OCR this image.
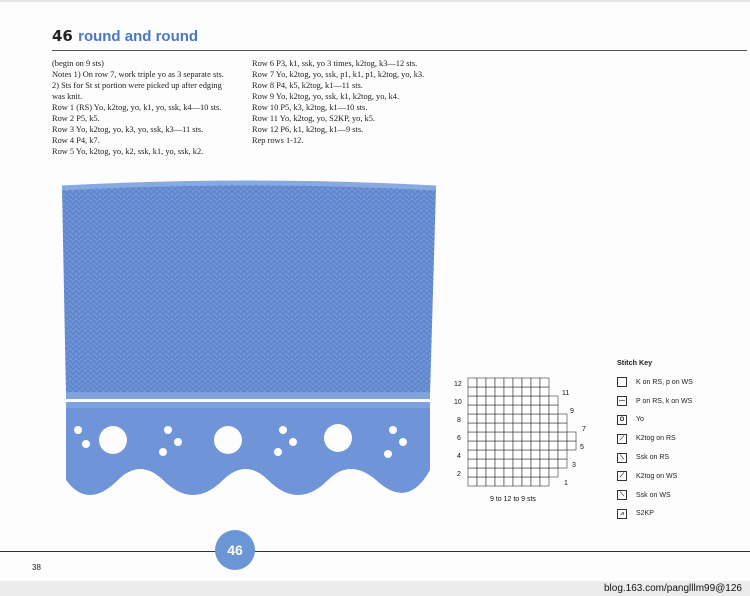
46 round and round
(begin on 9 sts)
Notes 1) On row 7, work triple yo as 3 separate sts.
2) Sts for St st portion were picked up after edging
was knit.
Row 1 (RS) Yo, k2tog, yo, k1, yo, ssk, k4—10 sts.
Row 2 P5, k5.
Row 3 Yo, k2tog, yo, k3, yo, ssk, k3—11 sts.
Row 4 P4, k7.
Row 5 Yo, k2tog, yo, k2, ssk, k1, yo, ssk, k2.
Row 6 P3, k1, ssk, yo 3 times, k2tog, k3—12 sts.
Row 7 Yo, k2tog, yo, ssk, p1, k1, p1, k2tog, yo, k3.
Row 8 P4, k5, k2tog, k1—11 sts.
Row 9 Yo, k2tog, yo, ssk, k1, k2tog, yo, k4.
Row 10 P5, k3, k2tog, k1—10 sts.
Row 11 Yo, k2tog, yo, S2KP, yo, k5.
Row 12 P6, k1, k2tog, k1—9 sts.
Rep rows 1-12.
12
10
8
6
4
2
11
9
7
5
3
1
9 to 12 to 9 sts
Stitch Key
K on RS, p on WS
— P on RS, k on WS
O	Yo
⟋	K2tog on RS
⟍	Ssk on RS
⟋	K2tog on WS
⟍	Ssk on WS
⩘	S2KP
46
38
blog.163.com/panglllm99@126
